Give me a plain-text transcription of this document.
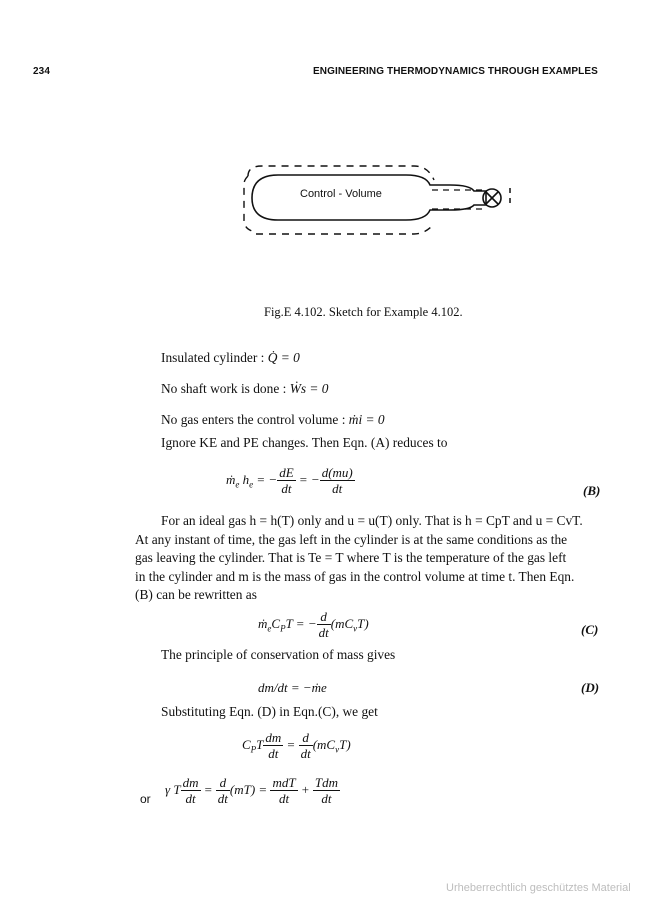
234	ENGINEERING THERMODYNAMICS THROUGH EXAMPLES
Control - Volume
Fig.E 4.102. Sketch for Example 4.102.
Insulated cylinder : Q̇ = 0
No shaft work is done : Ẇs = 0
No gas enters the control volume : ṁi = 0
Ignore KE and PE changes. Then Eqn. (A) reduces to
ṁ$_e$ $h_e$ = − $\frac{dE}{dt}$ = − $\frac{d(mu)}{dt}$	(B)
For an ideal gas h = h(T) only and u = u(T) only. That is h = CpT and u = CvT.
At any instant of time, the gas left in the cylinder is at the same conditions as the
gas leaving the cylinder. That is Te = T where T is the temperature of the gas left
in the cylinder and m is the mass of gas in the control volume at time t. Then Eqn.
(B) can be rewritten as
$ṁ_eC_PT$ = − $\frac{d}{dt} (mC_vT)$	(C)
The principle of conservation of mass gives
dm/dt = −ṁe	(D)
Substituting Eqn. (D) in Eqn.(C), we get
$C_PT \frac{dm}{dt} = \frac{d}{dt} (mC_vT)$
or
γ T $\frac{dm}{dt} = \frac{d}{dt} (mT) = \frac{\text{mdT}}{dt} + \frac{\text{Tdm}}{dt}$
Urheberrechtlich geschütztes Material
